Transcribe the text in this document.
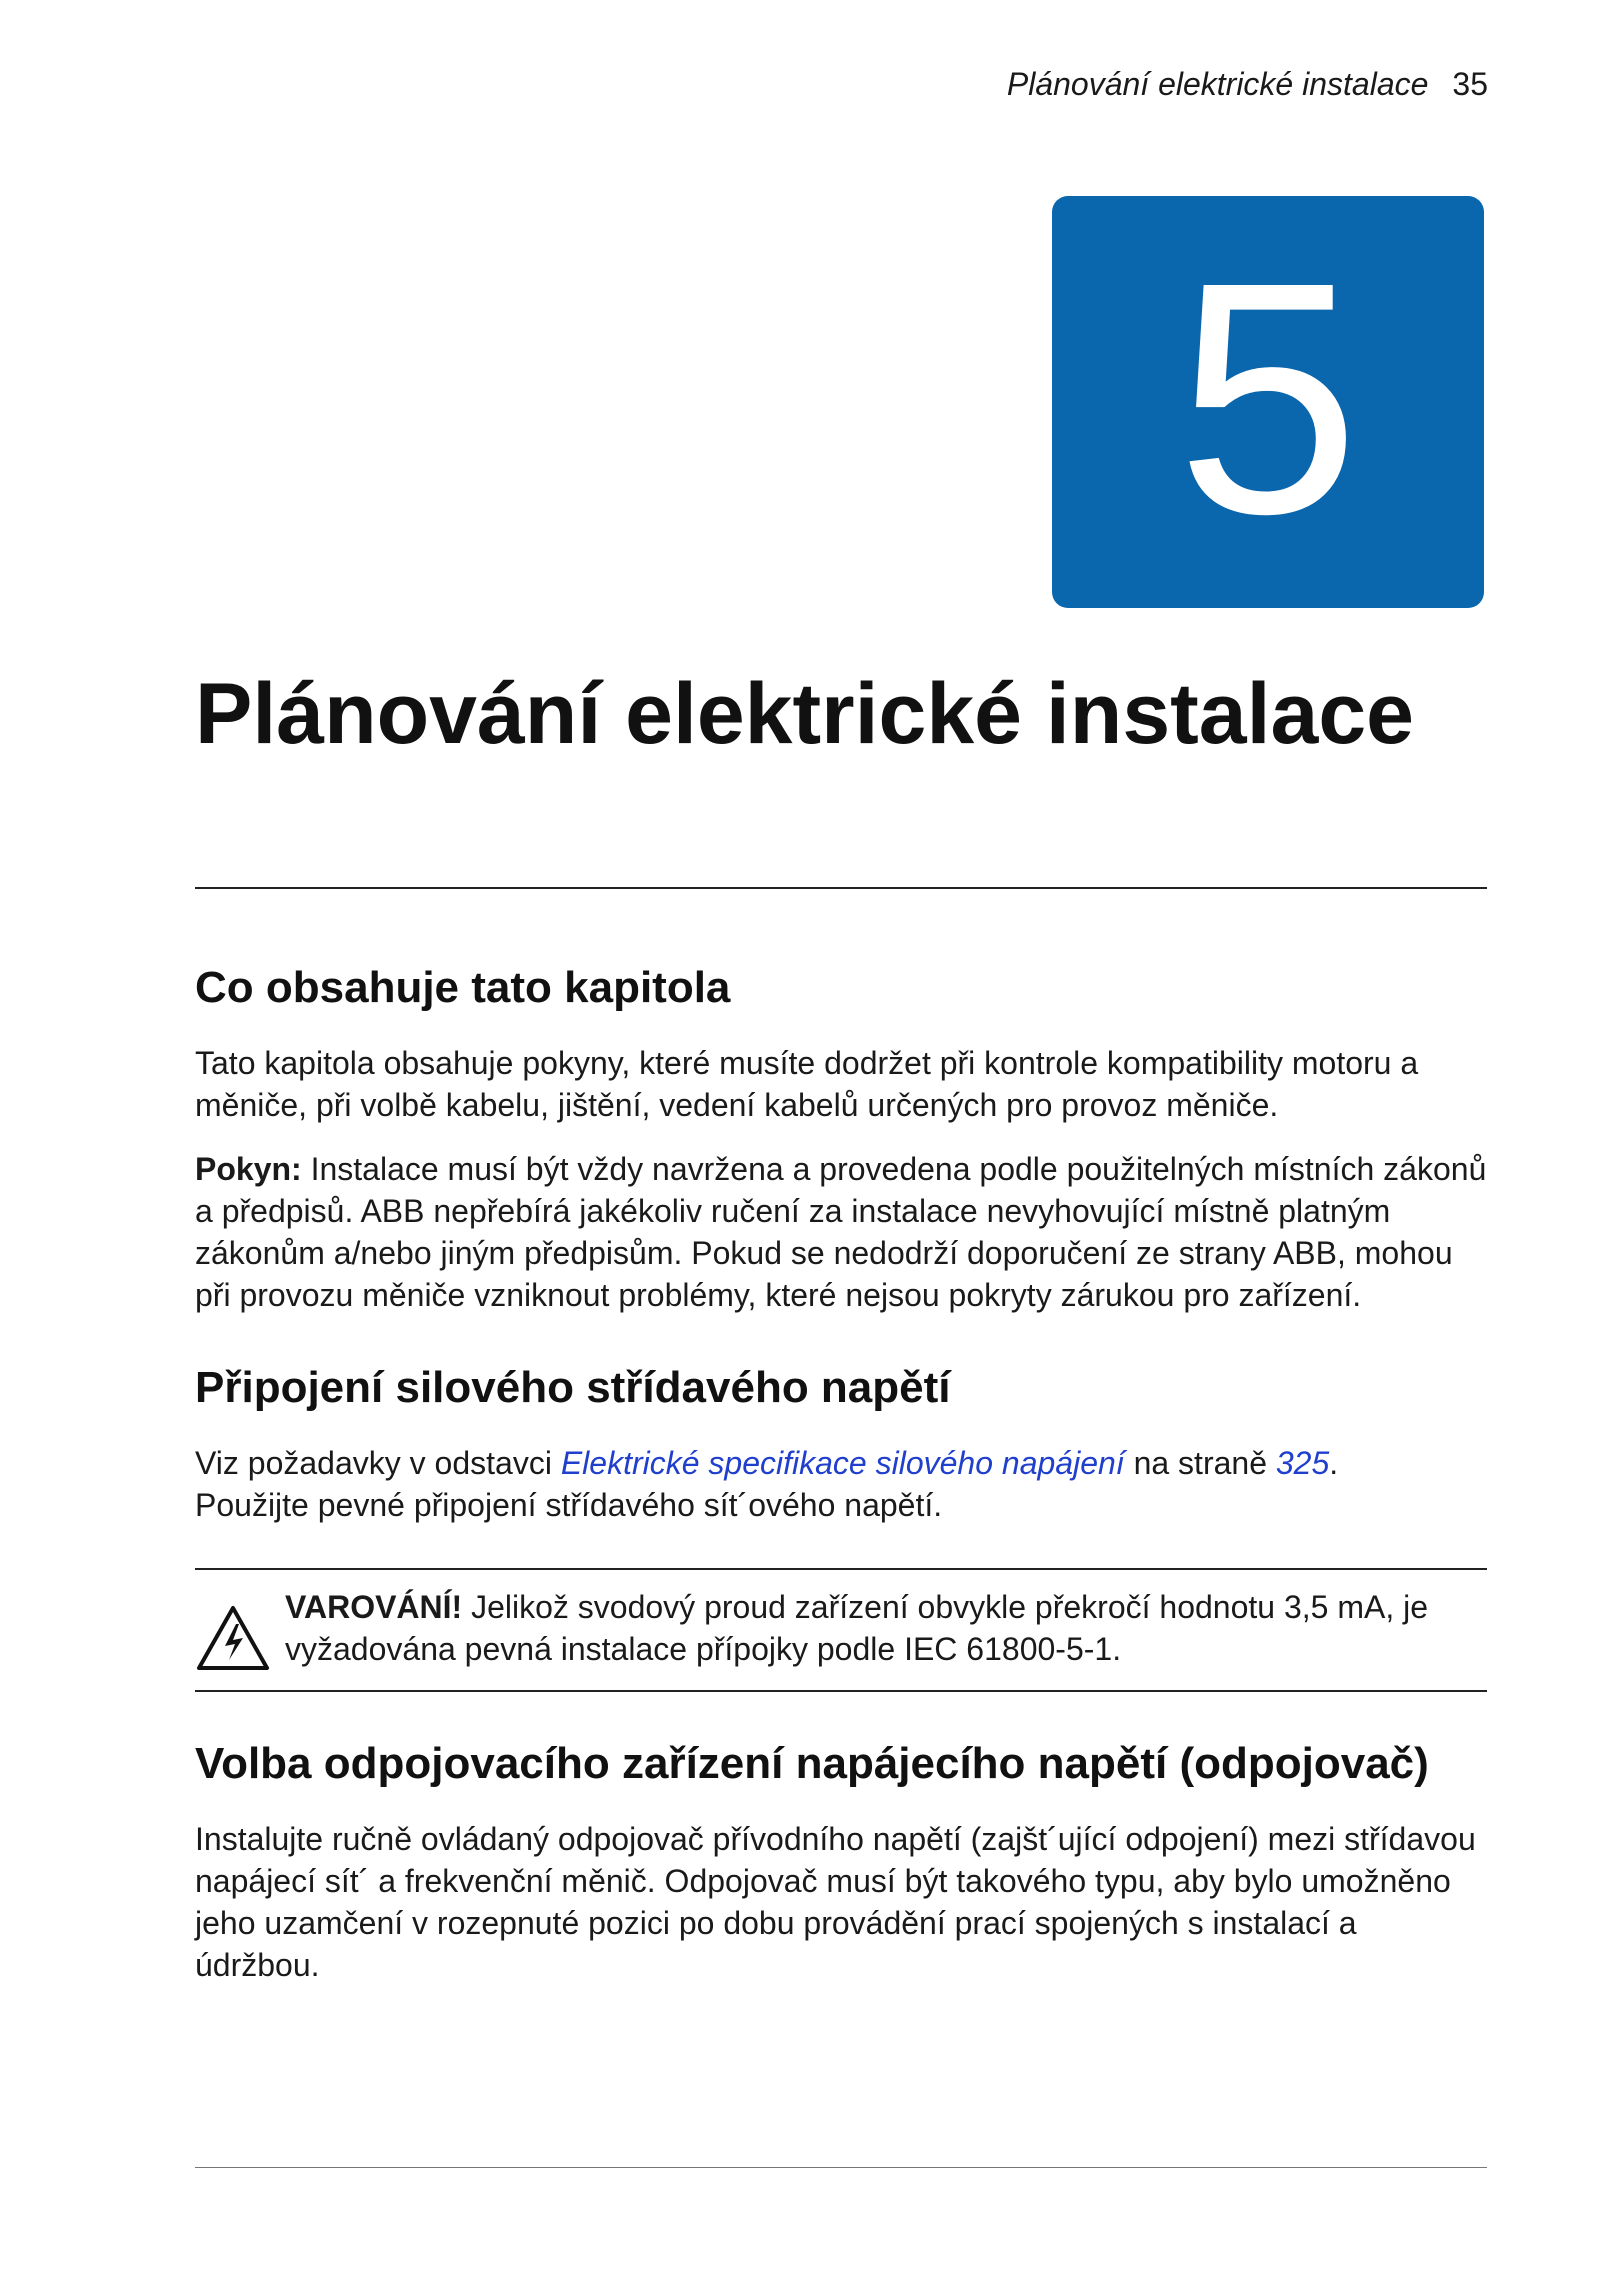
Plánování elektrické instalace 35
5
Plánování elektrické instalace
Co obsahuje tato kapitola

Tato kapitola obsahuje pokyny, které musíte dodržet při kontrole kompatibility motoru a měniče, při volbě kabelu, jištění, vedení kabelů určených pro provoz měniče.

Pokyn: Instalace musí být vždy navržena a provedena podle použitelných místních zákonů a předpisů. ABB nepřebírá jakékoliv ručení za instalace nevyhovující místně platným zákonům a/nebo jiným předpisům. Pokud se nedodrží doporučení ze strany ABB, mohou při provozu měniče vzniknout problémy, které nejsou pokryty zárukou pro zařízení.

Připojení silového střídavého napětí

Viz požadavky v odstavci Elektrické specifikace silového napájení na straně 325.
Použijte pevné připojení střídavého sít´ového napětí.

VAROVÁNÍ! Jelikož svodový proud zařízení obvykle překročí hodnotu 3,5 mA, je vyžadována pevná instalace přípojky podle IEC 61800-5-1.

Volba odpojovacího zařízení napájecího napětí (odpojovač)

Instalujte ručně ovládaný odpojovač přívodního napětí (zajšt´ující odpojení) mezi střídavou napájecí sít´ a frekvenční měnič. Odpojovač musí být takového typu, aby bylo umožněno jeho uzamčení v rozepnuté pozici po dobu provádění prací spojených s instalací a údržbou.
